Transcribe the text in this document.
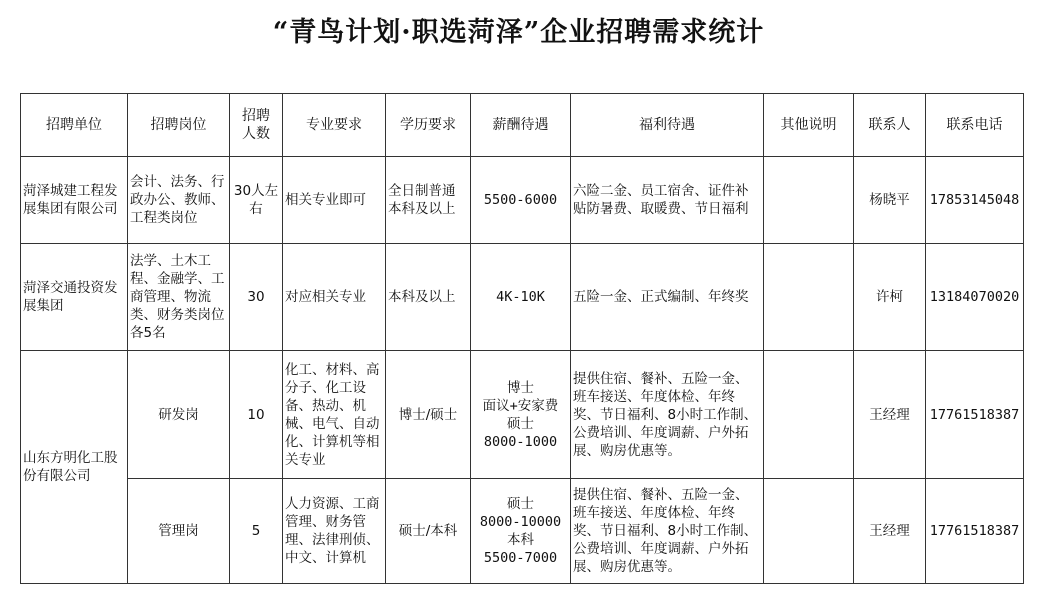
“青鸟计划·职选菏泽”企业招聘需求统计
招聘单位	招聘岗位	招聘
人数	专业要求	学历要求	薪酬待遇	福利待遇	其他说明	联系人	联系电话
菏泽城建工程发展集团有限公司	会计、法务、行政办公、教师、工程类岗位	30人左右	相关专业即可	全日制普通本科及以上	5500-6000	六险二金、员工宿舍、证件补贴防暑费、取暖费、节日福利		杨晓平	17853145048
菏泽交通投资发展集团	法学、土木工程、金融学、工商管理、物流类、财务类岗位各5名	30	对应相关专业	本科及以上	4K-10K	五险一金、正式编制、年终奖		许柯	13184070020
山东方明化工股份有限公司	研发岗	10	化工、材料、高分子、化工设备、热动、机械、电气、自动化、计算机等相关专业	博士/硕士	博士
面议+安家费
硕士
8000-1000	提供住宿、餐补、五险一金、班车接送、年度体检、年终奖、节日福利、8小时工作制、公费培训、年度调薪、户外拓展、购房优惠等。		王经理	17761518387
	管理岗	5	人力资源、工商管理、财务管理、法律刑侦、中文、计算机	硕士/本科	硕士
8000-10000
本科
5500-7000	提供住宿、餐补、五险一金、班车接送、年度体检、年终奖、节日福利、8小时工作制、公费培训、年度调薪、户外拓展、购房优惠等。		王经理	17761518387
